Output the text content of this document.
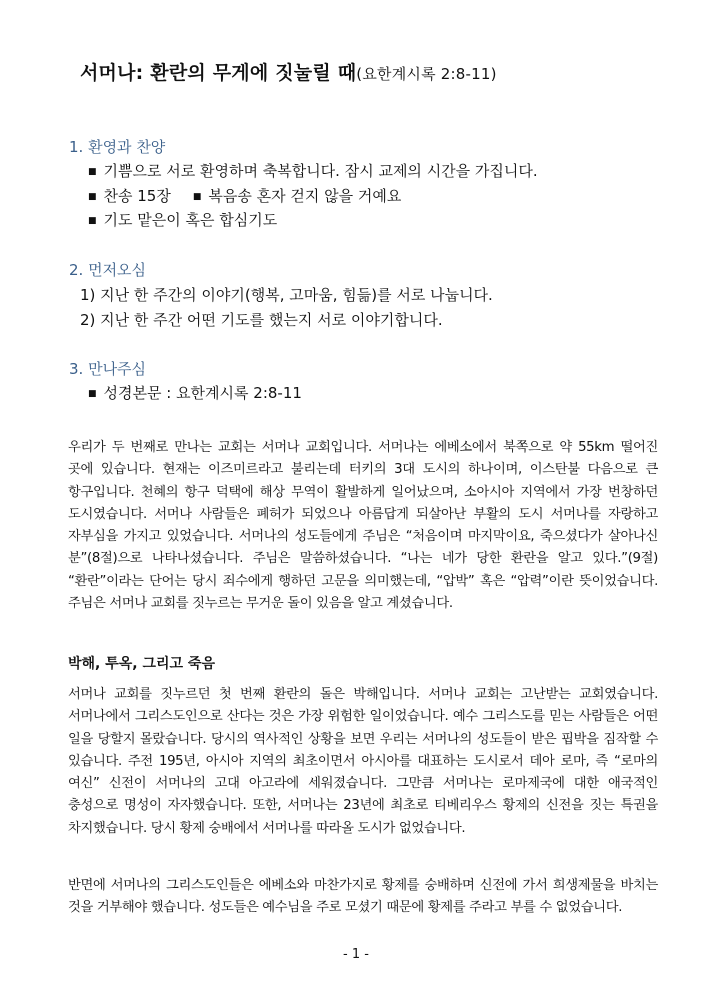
서머나: 환란의 무게에 짓눌릴 때(요한계시록 2:8-11)
1. 환영과 찬양

■ 기쁨으로 서로 환영하며 축복합니다. 잠시 교제의 시간을 가집니다.

■ 찬송 15장 ■ 복음송 혼자 걷지 않을 거예요

■ 기도 맡은이 혹은 합심기도

2. 먼저오심

1) 지난 한 주간의 이야기(행복, 고마움, 힘듦)를 서로 나눕니다.

2) 지난 한 주간 어떤 기도를 했는지 서로 이야기합니다.

3. 만나주심

■ 성경본문 : 요한계시록 2:8-11

우리가 두 번째로 만나는 교회는 서머나 교회입니다. 서머나는 에베소에서 북쪽으로 약 55km 떨어진 곳에 있습니다. 현재는 이즈미르라고 불리는데 터키의 3대 도시의 하나이며, 이스탄불 다음으로 큰 항구입니다. 천혜의 항구 덕택에 해상 무역이 활발하게 일어났으며, 소아시아 지역에서 가장 번창하던 도시였습니다. 서머나 사람들은 폐허가 되었으나 아름답게 되살아난 부활의 도시 서머나를 자랑하고 자부심을 가지고 있었습니다. 서머나의 성도들에게 주님은 “처음이며 마지막이요, 죽으셨다가 살아나신 분”(8절)으로 나타나셨습니다. 주님은 말씀하셨습니다. “나는 네가 당한 환란을 알고 있다.”(9절) “환란”이라는 단어는 당시 죄수에게 행하던 고문을 의미했는데, “압박” 혹은 “압력”이란 뜻이었습니다. 주님은 서머나 교회를 짓누르는 무거운 돌이 있음을 알고 계셨습니다.

박해, 투옥, 그리고 죽음

서머나 교회를 짓누르던 첫 번째 환란의 돌은 박해입니다. 서머나 교회는 고난받는 교회였습니다. 서머나에서 그리스도인으로 산다는 것은 가장 위험한 일이었습니다. 예수 그리스도를 믿는 사람들은 어떤 일을 당할지 몰랐습니다. 당시의 역사적인 상황을 보면 우리는 서머나의 성도들이 받은 핍박을 짐작할 수 있습니다. 주전 195년, 아시아 지역의 최초이면서 아시아를 대표하는 도시로서 데아 로마, 즉 “로마의 여신” 신전이 서머나의 고대 아고라에 세워졌습니다. 그만큼 서머나는 로마제국에 대한 애국적인 충성으로 명성이 자자했습니다. 또한, 서머나는 23년에 최초로 티베리우스 황제의 신전을 짓는 특권을 차지했습니다. 당시 황제 숭배에서 서머나를 따라올 도시가 없었습니다.

반면에 서머나의 그리스도인들은 에베소와 마찬가지로 황제를 숭배하며 신전에 가서 희생제물을 바치는 것을 거부해야 했습니다. 성도들은 예수님을 주로 모셨기 때문에 황제를 주라고 부를 수 없었습니다.

- 1 -
